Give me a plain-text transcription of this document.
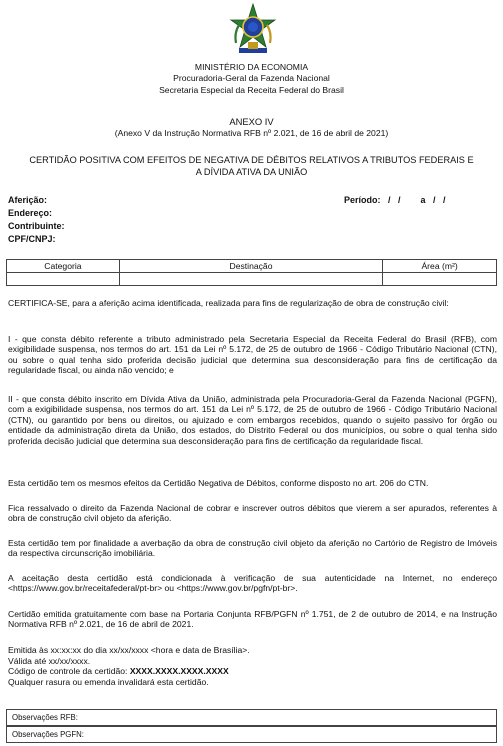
MINISTÉRIO DA ECONOMIA
Procuradoria-Geral da Fazenda Nacional
Secretaria Especial da Receita Federal do Brasil
ANEXO IV
(Anexo V da Instrução Normativa RFB nº 2.021, de 16 de abril de 2021)
CERTIDÃO POSITIVA COM EFEITOS DE NEGATIVA DE DÉBITOS RELATIVOS A TRIBUTOS FEDERAIS E
A DÍVIDA ATIVA DA UNIÃO
Aferição:
Endereço:
Contribuinte:
CPF/CNPJ:
Período:   /   /        a   /   /
Categoria	Destinação	Área (m²)

CERTIFICA-SE, para a aferição acima identificada, realizada para fins de regularização de obra de construção civil:
I - que consta débito referente a tributo administrado pela Secretaria Especial da Receita Federal do Brasil (RFB), com exigibilidade suspensa, nos termos do art. 151 da Lei nº 5.172, de 25 de outubro de 1966 - Código Tributário Nacional (CTN), ou sobre o qual tenha sido proferida decisão judicial que determina sua desconsideração para fins de certificação da regularidade fiscal, ou ainda não vencido; e
II - que consta débito inscrito em Dívida Ativa da União, administrada pela Procuradoria-Geral da Fazenda Nacional (PGFN), com a exigibilidade suspensa, nos termos do art. 151 da Lei nº 5.172, de 25 de outubro de 1966 - Código Tributário Nacional (CTN), ou garantido por bens ou direitos, ou ajuizado e com embargos recebidos, quando o sujeito passivo for órgão ou entidade da administração direta da União, dos estados, do Distrito Federal ou dos municípios, ou sobre o qual tenha sido proferida decisão judicial que determina sua desconsideração para fins de certificação da regularidade fiscal.
Esta certidão tem os mesmos efeitos da Certidão Negativa de Débitos, conforme disposto no art. 206 do CTN.
Fica ressalvado o direito da Fazenda Nacional de cobrar e inscrever outros débitos que vierem a ser apurados, referentes à obra de construção civil objeto da aferição.
Esta certidão tem por finalidade a averbação da obra de construção civil objeto da aferição no Cartório de Registro de Imóveis da respectiva circunscrição imobiliária.
A aceitação desta certidão está condicionada à verificação de sua autenticidade na Internet, no endereço <https://www.gov.br/receitafederal/pt-br> ou <https://www.gov.br/pgfn/pt-br>.
Certidão emitida gratuitamente com base na Portaria Conjunta RFB/PGFN nº 1.751, de 2 de outubro de 2014, e na Instrução Normativa RFB nº 2.021, de 16 de abril de 2021.
Emitida às xx:xx:xx do dia xx/xx/xxxx <hora e data de Brasília>.
Válida até xx/xx/xxxx.
Código de controle da certidão: XXXX.XXXX.XXXX.XXXX
Qualquer rasura ou emenda invalidará esta certidão.
Observações RFB:
Observações PGFN:
